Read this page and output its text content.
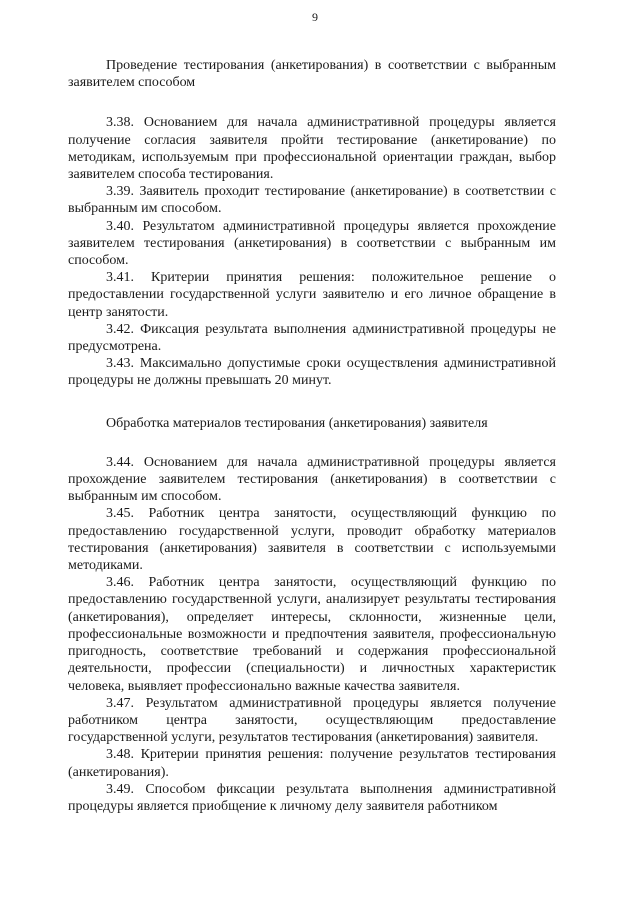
9

Проведение тестирования (анкетирования) в соответствии с выбранным заявителем способом

3.38. Основанием для начала административной процедуры является получение согласия заявителя пройти тестирование (анкетирование) по методикам, используемым при профессиональной ориентации граждан, выбор заявителем способа тестирования.

3.39. Заявитель проходит тестирование (анкетирование) в соответствии с выбранным им способом.

3.40. Результатом административной процедуры является прохождение заявителем тестирования (анкетирования) в соответствии с выбранным им способом.

3.41. Критерии принятия решения: положительное решение о предоставлении государственной услуги заявителю и его личное обращение в центр занятости.

3.42. Фиксация результата выполнения административной процедуры не предусмотрена.

3.43. Максимально допустимые сроки осуществления административной процедуры не должны превышать 20 минут.

Обработка материалов тестирования (анкетирования) заявителя

3.44. Основанием для начала административной процедуры является прохождение заявителем тестирования (анкетирования) в соответствии с выбранным им способом.

3.45. Работник центра занятости, осуществляющий функцию по предоставлению государственной услуги, проводит обработку материалов тестирования (анкетирования) заявителя в соответствии с используемыми методиками.

3.46. Работник центра занятости, осуществляющий функцию по предоставлению государственной услуги, анализирует результаты тестирования (анкетирования), определяет интересы, склонности, жизненные цели, профессиональные возможности и предпочтения заявителя, профессиональную пригодность, соответствие требований и содержания профессиональной деятельности, профессии (специальности) и личностных характеристик человека, выявляет профессионально важные качества заявителя.

3.47. Результатом административной процедуры является получение работником центра занятости, осуществляющим предоставление государственной услуги, результатов тестирования (анкетирования) заявителя.

3.48. Критерии принятия решения: получение результатов тестирования (анкетирования).

3.49. Способом фиксации результата выполнения административной процедуры является приобщение к личному делу заявителя работником
